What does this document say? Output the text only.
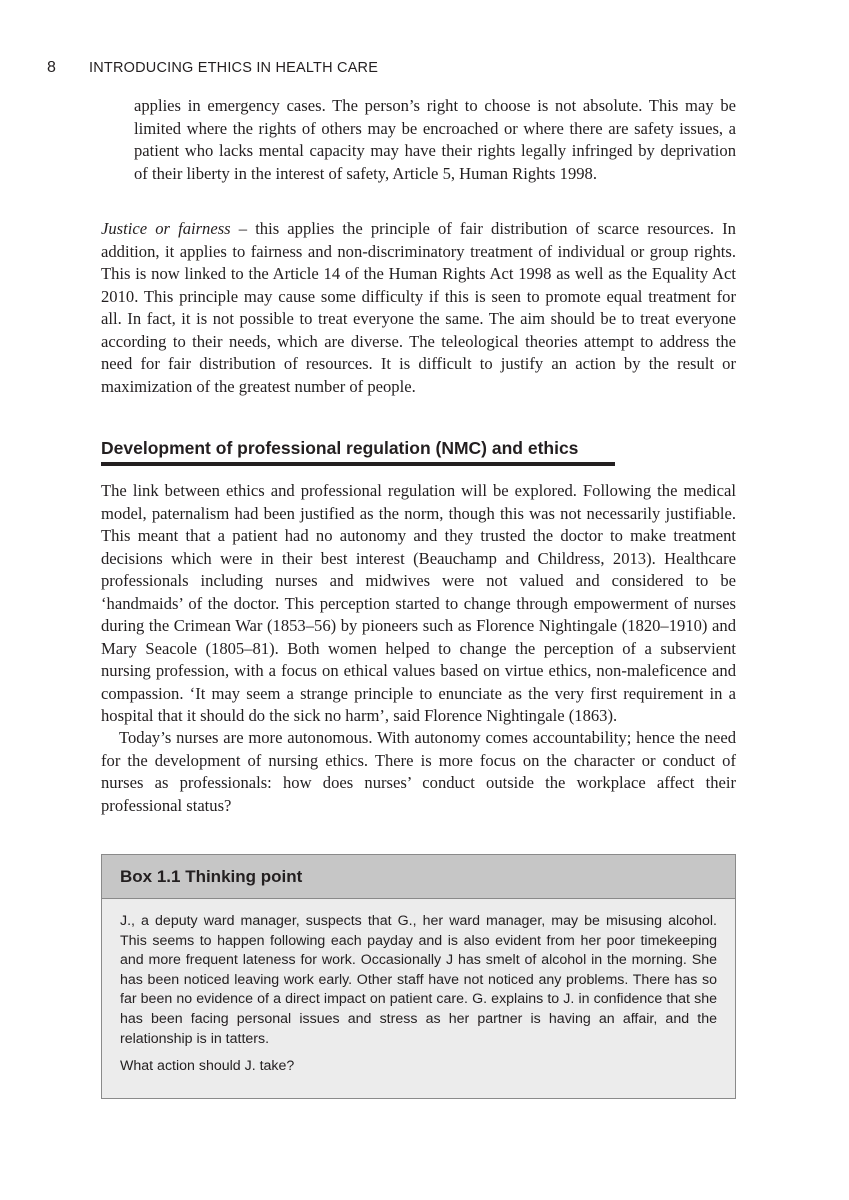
8 INTRODUCING ETHICS IN HEALTH CARE

applies in emergency cases. The person’s right to choose is not absolute. This may be limited where the rights of others may be encroached or where there are safety issues, a patient who lacks mental capacity may have their rights legally infringed by deprivation of their liberty in the interest of safety, Article 5, Human Rights 1998.

Justice or fairness – this applies the principle of fair distribution of scarce resources. In addition, it applies to fairness and non-discriminatory treatment of individual or group rights. This is now linked to the Article 14 of the Human Rights Act 1998 as well as the Equality Act 2010. This principle may cause some difficulty if this is seen to promote equal treatment for all. In fact, it is not possible to treat everyone the same. The aim should be to treat everyone according to their needs, which are diverse. The teleological theories attempt to address the need for fair distribution of resources. It is difficult to justify an action by the result or maximization of the greatest number of people.

Development of professional regulation (NMC) and ethics

The link between ethics and professional regulation will be explored. Following the medical model, paternalism had been justified as the norm, though this was not necessarily justifiable. This meant that a patient had no autonomy and they trusted the doctor to make treatment decisions which were in their best interest (Beauchamp and Childress, 2013). Healthcare professionals including nurses and midwives were not valued and considered to be ‘handmaids’ of the doctor. This perception started to change through empowerment of nurses during the Crimean War (1853–56) by pioneers such as Florence Nightingale (1820–1910) and Mary Seacole (1805–81). Both women helped to change the perception of a subservient nursing profession, with a focus on ethical values based on virtue ethics, non-maleficence and compassion. ‘It may seem a strange principle to enunciate as the very first requirement in a hospital that it should do the sick no harm’, said Florence Nightingale (1863).

Today’s nurses are more autonomous. With autonomy comes accountability; hence the need for the development of nursing ethics. There is more focus on the character or conduct of nurses as professionals: how does nurses’ conduct outside the workplace affect their professional status?

Box 1.1 Thinking point

J., a deputy ward manager, suspects that G., her ward manager, may be misusing alcohol. This seems to happen following each payday and is also evident from her poor timekeeping and more frequent lateness for work. Occasionally J has smelt of alcohol in the morning. She has been noticed leaving work early. Other staff have not noticed any problems. There has so far been no evidence of a direct impact on patient care. G. explains to J. in confidence that she has been facing personal issues and stress as her partner is having an affair, and the relationship is in tatters.

What action should J. take?
